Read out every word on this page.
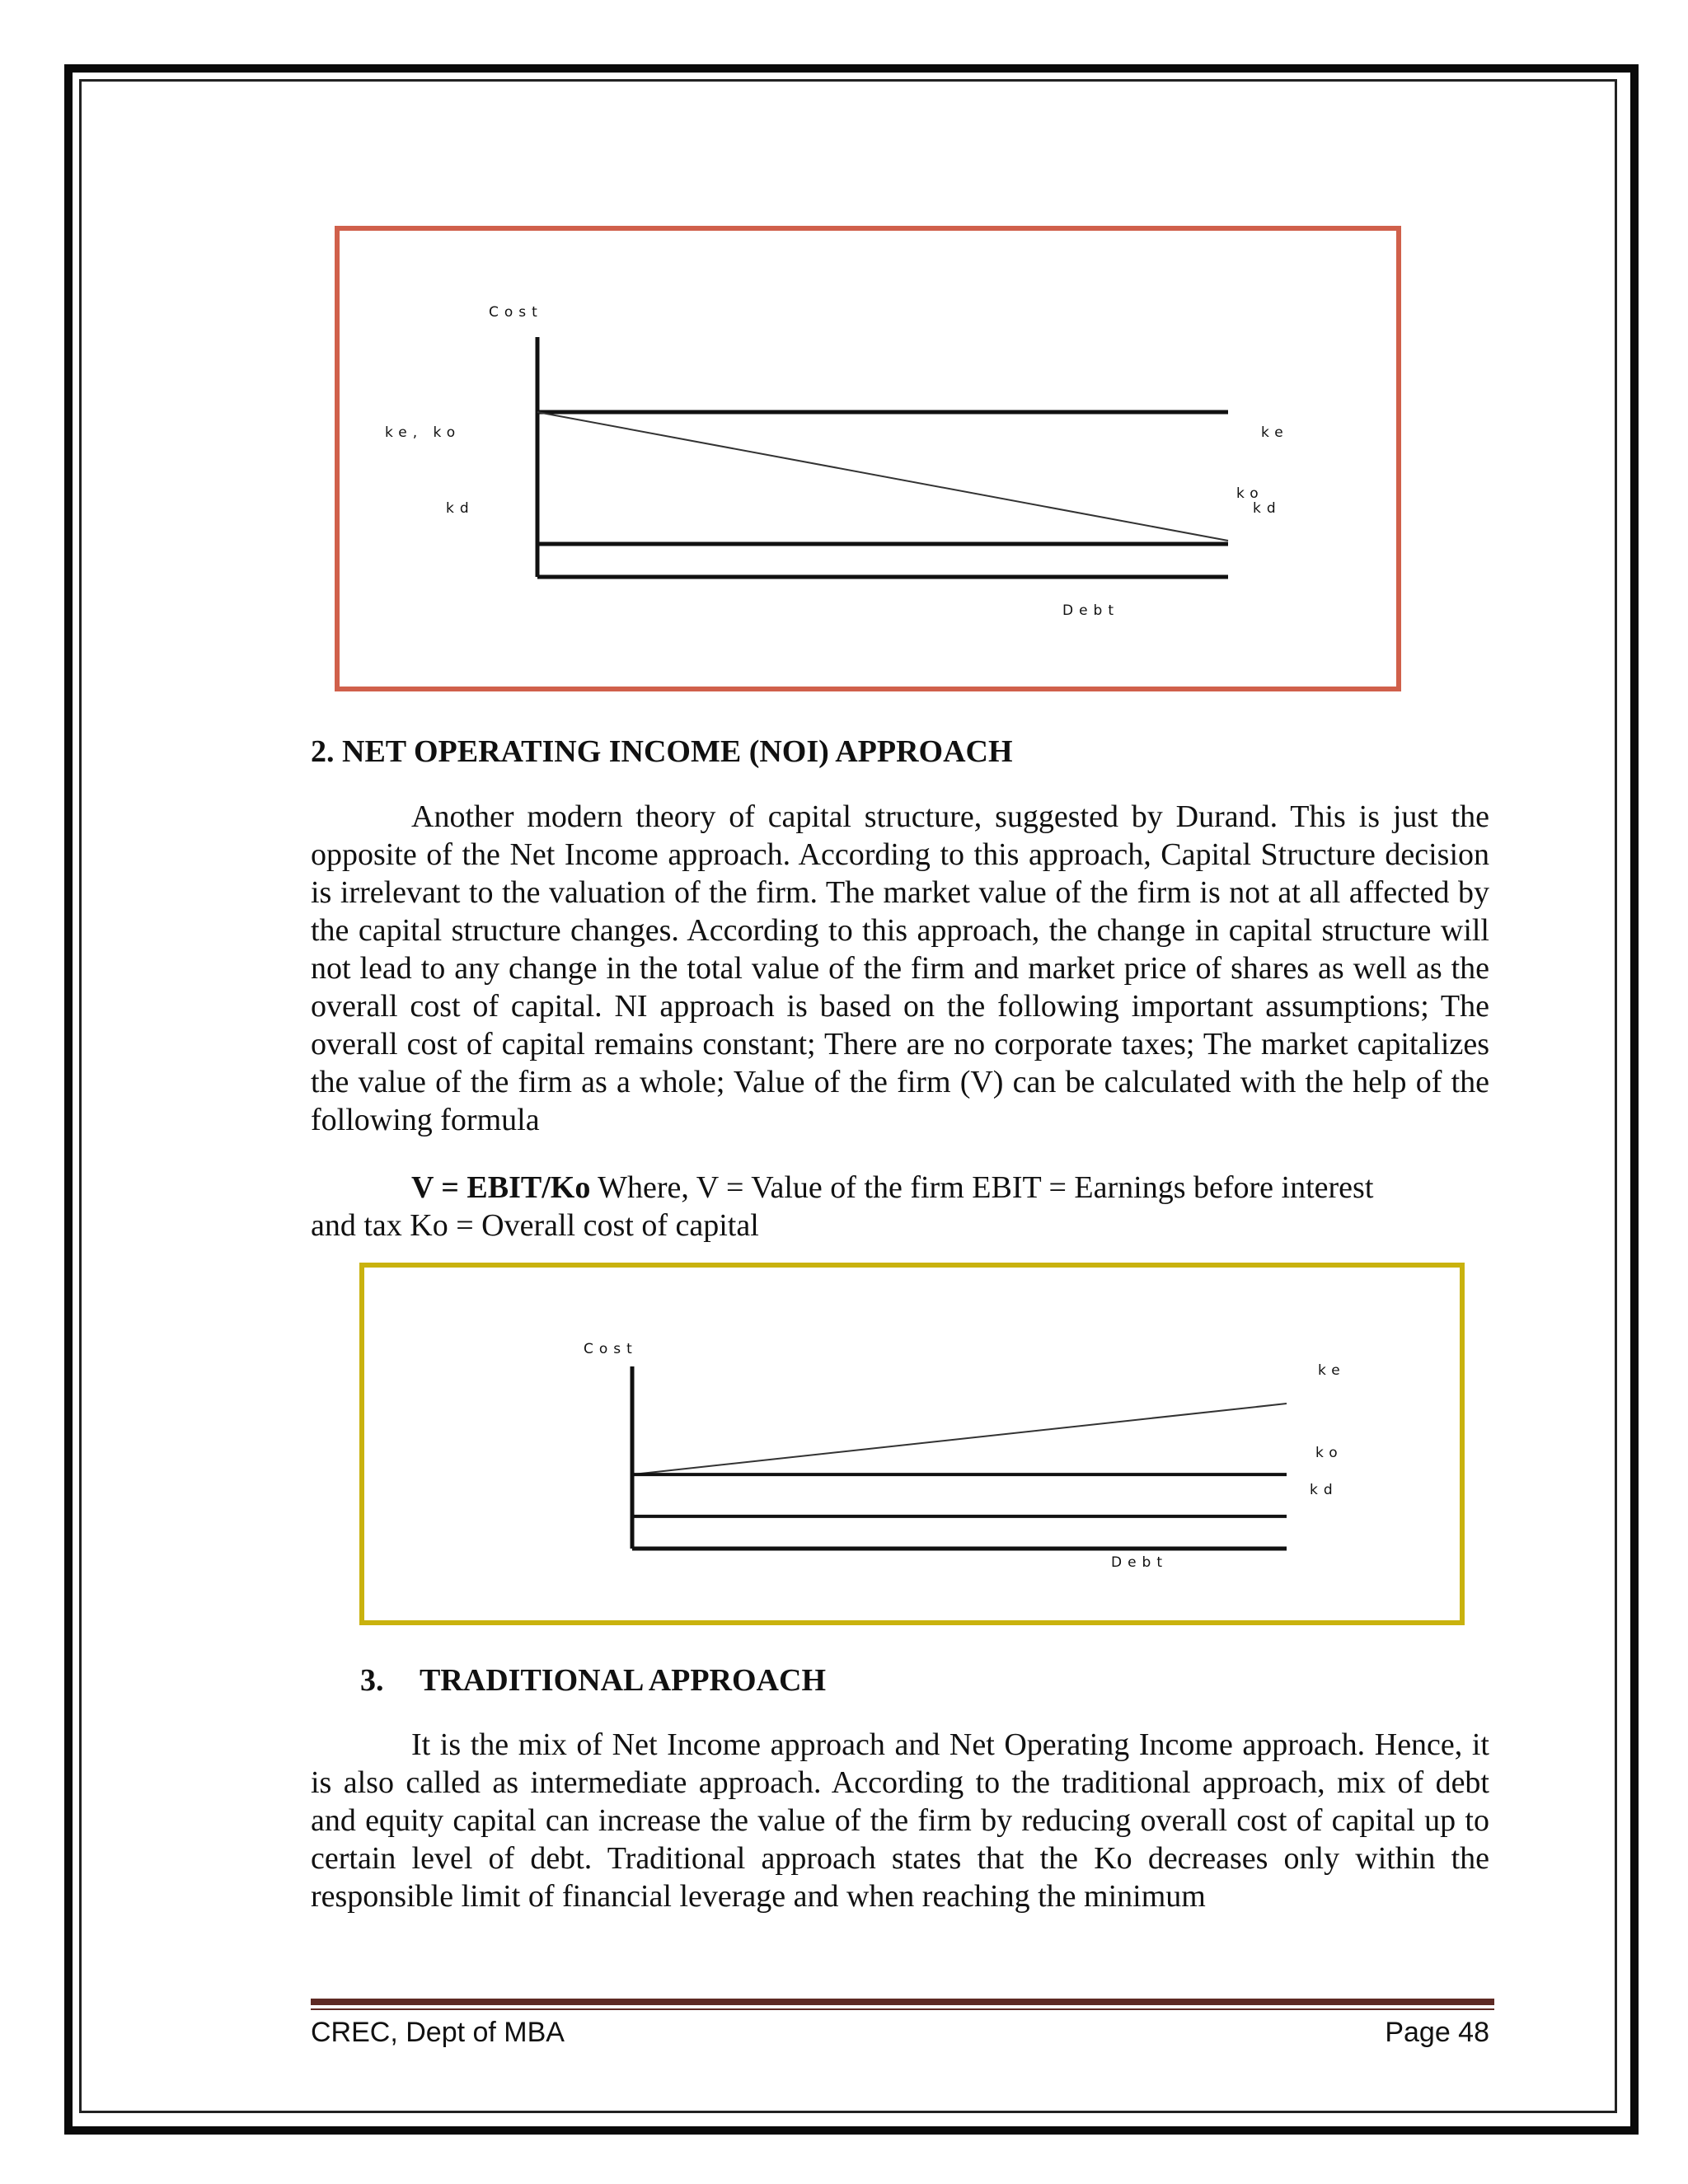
Cost
ke, ko
kd
ke
ko
kd
Debt
2. NET OPERATING INCOME (NOI) APPROACH
Another modern theory of capital structure, suggested by Durand. This is just the opposite of the Net Income approach. According to this approach, Capital Structure decision is irrelevant to the valuation of the firm. The market value of the firm is not at all affected by the capital structure changes. According to this approach, the change in capital structure will not lead to any change in the total value of the firm and market price of shares as well as the overall cost of capital. NI approach is based on the following important assumptions; The overall cost of capital remains constant; There are no corporate taxes; The market capitalizes the value of the firm as a whole; Value of the firm (V) can be calculated with the help of the following formula
V = EBIT/Ko Where, V = Value of the firm EBIT = Earnings before interest
and tax Ko = Overall cost of capital
Cost
ke
ko
kd
Debt
3. TRADITIONAL APPROACH
It is the mix of Net Income approach and Net Operating Income approach. Hence, it is also called as intermediate approach. According to the traditional approach, mix of debt and equity capital can increase the value of the firm by reducing overall cost of capital up to certain level of debt. Traditional approach states that the Ko decreases only within the responsible limit of financial leverage and when reaching the minimum
CREC, Dept of MBA	Page 48
